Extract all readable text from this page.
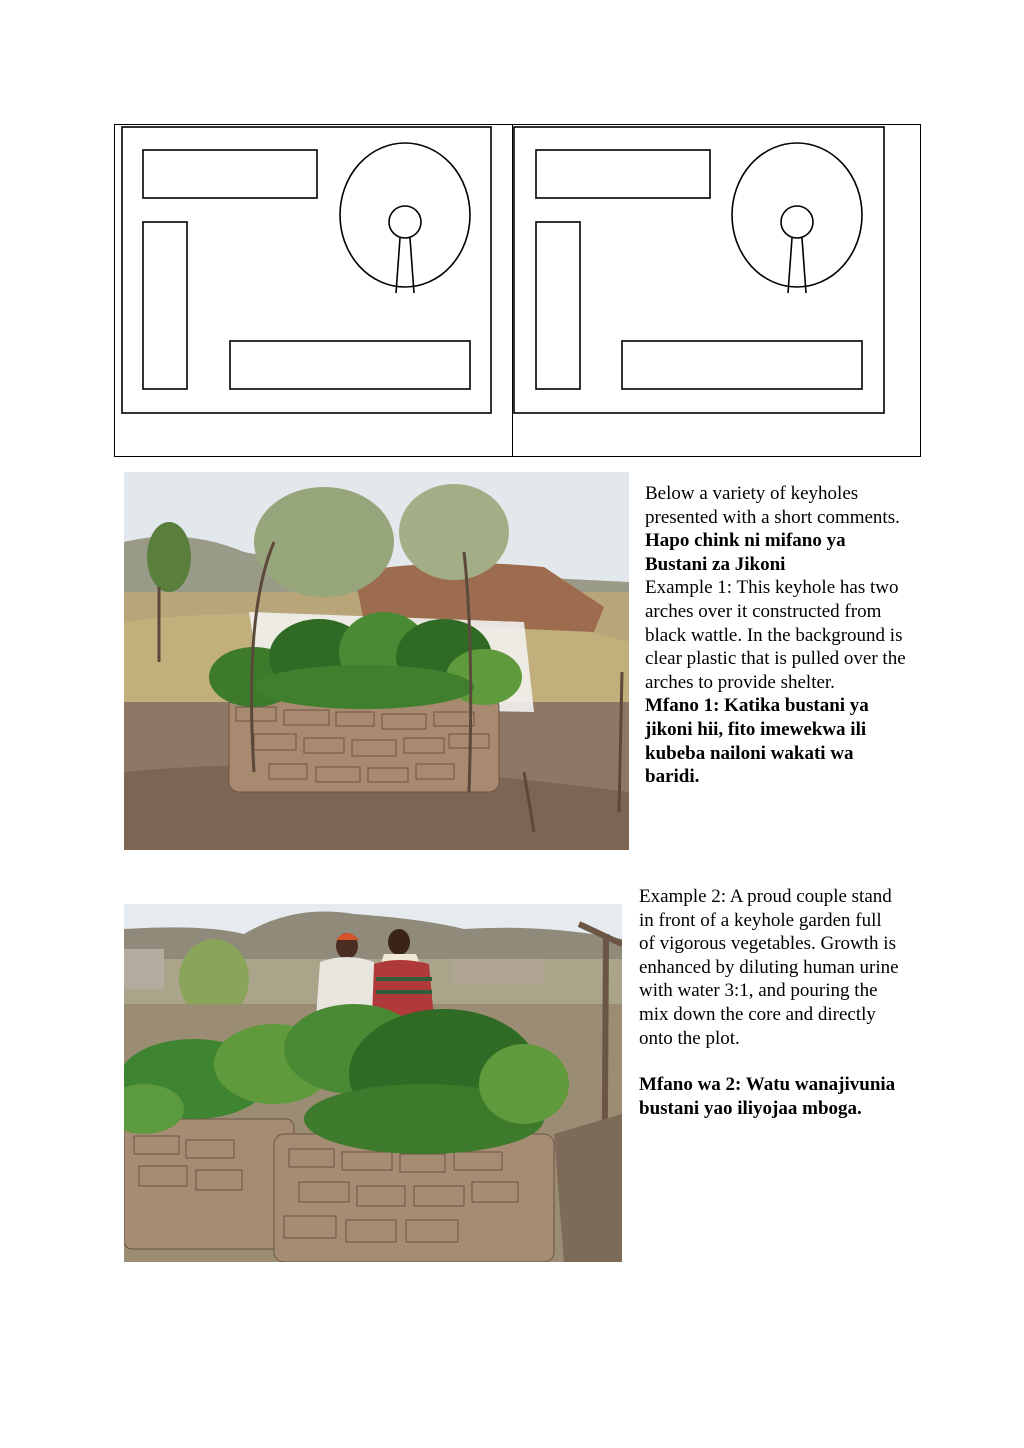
Below a variety of keyholes presented with a short comments.

Hapo chink ni mifano ya Bustani za Jikoni

Example 1: This keyhole has two arches over it constructed from black wattle. In the background is clear plastic that is pulled over the arches to provide shelter.

Mfano 1: Katika bustani ya jikoni hii, fito imewekwa ili kubeba nailoni wakati wa baridi.

Example 2: A proud couple stand in front of a keyhole garden full of vigorous vegetables. Growth is enhanced by diluting human urine with water 3:1, and pouring the mix down the core and directly onto the plot.

Mfano wa 2: Watu wanajivunia bustani yao iliyojaa mboga.
